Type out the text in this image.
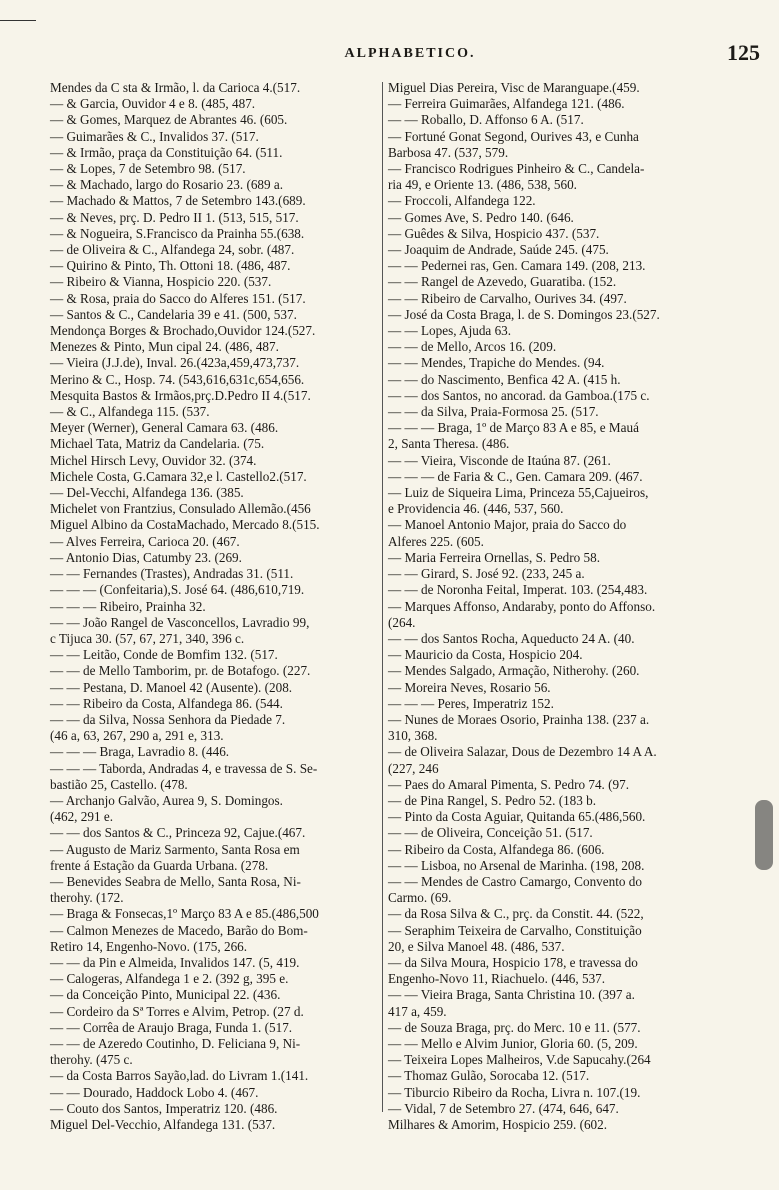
ALPHABETICO.	125

Mendes da C sta & Irmão, l. da Carioca 4.(517.

— & Garcia, Ouvidor 4 e 8. (485, 487.

— & Gomes, Marquez de Abrantes 46. (605.

— Guimarães & C., Invalidos 37. (517.

— & Irmão, praça da Constituição 64. (511.

— & Lopes, 7 de Setembro 98. (517.

— & Machado, largo do Rosario 23. (689 a.

— Machado & Mattos, 7 de Setembro 143.(689.

— & Neves, prç. D. Pedro II 1. (513, 515, 517.

— & Nogueira, S.Francisco da Prainha 55.(638.

— de Oliveira & C., Alfandega 24, sobr. (487.

— Quirino & Pinto, Th. Ottoni 18. (486, 487.

— Ribeiro & Vianna, Hospicio 220. (537.

— & Rosa, praia do Sacco do Alferes 151. (517.

— Santos & C., Candelaria 39 e 41. (500, 537.

Mendonça Borges & Brochado,Ouvidor 124.(527.

Menezes & Pinto, Mun cipal 24. (486, 487.

— Vieira (J.J.de), Inval. 26.(423a,459,473,737.

Merino & C., Hosp. 74. (543,616,631c,654,656.

Mesquita Bastos & Irmãos,prç.D.Pedro II 4.(517.

— & C., Alfandega 115. (537.

Meyer (Werner), General Camara 63. (486.

Michael Tata, Matriz da Candelaria. (75.

Michel Hirsch Levy, Ouvidor 32. (374.

Michele Costa, G.Camara 32,e l. Castello2.(517.

— Del-Vecchi, Alfandega 136. (385.

Michelet von Frantzius, Consulado Allemão.(456

Miguel Albino da CostaMachado, Mercado 8.(515.

— Alves Ferreira, Carioca 20. (467.

— Antonio Dias, Catumby 23. (269.

— — Fernandes (Trastes), Andradas 31. (511.

— — — (Confeitaria),S. José 64. (486,610,719.

— — — Ribeiro, Prainha 32.

— — João Rangel de Vasconcellos, Lavradio 99,

c Tijuca 30. (57, 67, 271, 340, 396 c.

— — Leitão, Conde de Bomfim 132. (517.

— — de Mello Tamborim, pr. de Botafogo. (227.

— — Pestana, D. Manoel 42 (Ausente). (208.

— — Ribeiro da Costa, Alfandega 86. (544.

— — da Silva, Nossa Senhora da Piedade 7.

(46 a, 63, 267, 290 a, 291 e, 313.

— — — Braga, Lavradio 8. (446.

— — — Taborda, Andradas 4, e travessa de S. Se-

bastião 25, Castello. (478.

— Archanjo Galvão, Aurea 9, S. Domingos.

(462, 291 e.

— — dos Santos & C., Princeza 92, Cajue.(467.

— Augusto de Mariz Sarmento, Santa Rosa em

frente á Estação da Guarda Urbana. (278.

— Benevides Seabra de Mello, Santa Rosa, Ni-

therohy. (172.

— Braga & Fonsecas,1º Março 83 A e 85.(486,500

— Calmon Menezes de Macedo, Barão do Bom-

Retiro 14, Engenho-Novo. (175, 266.

— — da Pin e Almeida, Invalidos 147. (5, 419.

— Calogeras, Alfandega 1 e 2. (392 g, 395 e.

— da Conceição Pinto, Municipal 22. (436.

— Cordeiro da Sª Torres e Alvim, Petrop. (27 d.

— — Corrêa de Araujo Braga, Funda 1. (517.

— — de Azeredo Coutinho, D. Feliciana 9, Ni-

therohy. (475 c.

— da Costa Barros Sayão,lad. do Livram 1.(141.

— — Dourado, Haddock Lobo 4. (467.

— Couto dos Santos, Imperatriz 120. (486.

Miguel Del-Vecchio, Alfandega 131. (537.

Miguel Dias Pereira, Visc de Maranguape.(459.

— Ferreira Guimarães, Alfandega 121. (486.

— — Roballo, D. Affonso 6 A. (517.

— Fortuné Gonat Segond, Ourives 43, e Cunha

Barbosa 47. (537, 579.

— Francisco Rodrigues Pinheiro & C., Candela-

ria 49, e Oriente 13. (486, 538, 560.

— Froccoli, Alfandega 122.

— Gomes Ave, S. Pedro 140. (646.

— Guêdes & Silva, Hospicio 437. (537.

— Joaquim de Andrade, Saúde 245. (475.

— — Pedernei ras, Gen. Camara 149. (208, 213.

— — Rangel de Azevedo, Guaratiba. (152.

— — Ribeiro de Carvalho, Ourives 34. (497.

— José da Costa Braga, l. de S. Domingos 23.(527.

— — Lopes, Ajuda 63.

— — de Mello, Arcos 16. (209.

— — Mendes, Trapiche do Mendes. (94.

— — do Nascimento, Benfica 42 A. (415 h.

— — dos Santos, no ancorad. da Gamboa.(175 c.

— — da Silva, Praia-Formosa 25. (517.

— — — Braga, 1º de Março 83 A e 85, e Mauá

2, Santa Theresa. (486.

— — Vieira, Visconde de Itaúna 87. (261.

— — — de Faria & C., Gen. Camara 209. (467.

— Luiz de Siqueira Lima, Princeza 55,Cajueiros,

e Providencia 46. (446, 537, 560.

— Manoel Antonio Major, praia do Sacco do

Alferes 225. (605.

— Maria Ferreira Ornellas, S. Pedro 58.

— — Girard, S. José 92. (233, 245 a.

— — de Noronha Feital, Imperat. 103. (254,483.

— Marques Affonso, Andaraby, ponto do Affonso.

(264.

— — dos Santos Rocha, Aqueducto 24 A. (40.

— Mauricio da Costa, Hospicio 204.

— Mendes Salgado, Armação, Nitherohy. (260.

— Moreira Neves, Rosario 56.

— — — Peres, Imperatriz 152.

— Nunes de Moraes Osorio, Prainha 138. (237 a.

310, 368.

— de Oliveira Salazar, Dous de Dezembro 14 A A.

(227, 246

— Paes do Amaral Pimenta, S. Pedro 74. (97.

— de Pina Rangel, S. Pedro 52. (183 b.

— Pinto da Costa Aguiar, Quitanda 65.(486,560.

— — de Oliveira, Conceição 51. (517.

— Ribeiro da Costa, Alfandega 86. (606.

— — Lisboa, no Arsenal de Marinha. (198, 208.

— — Mendes de Castro Camargo, Convento do

Carmo. (69.

— da Rosa Silva & C., prç. da Constit. 44. (522,

— Seraphim Teixeira de Carvalho, Constituição

20, e Silva Manoel 48. (486, 537.

— da Silva Moura, Hospicio 178, e travessa do

Engenho-Novo 11, Riachuelo. (446, 537.

— — Vieira Braga, Santa Christina 10. (397 a.

417 a, 459.

— de Souza Braga, prç. do Merc. 10 e 11. (577.

— — Mello e Alvim Junior, Gloria 60. (5, 209.

— Teixeira Lopes Malheiros, V.de Sapucahy.(264

— Thomaz Gulão, Sorocaba 12. (517.

— Tiburcio Ribeiro da Rocha, Livra n. 107.(19.

— Vidal, 7 de Setembro 27. (474, 646, 647.

Milhares & Amorim, Hospicio 259. (602.
